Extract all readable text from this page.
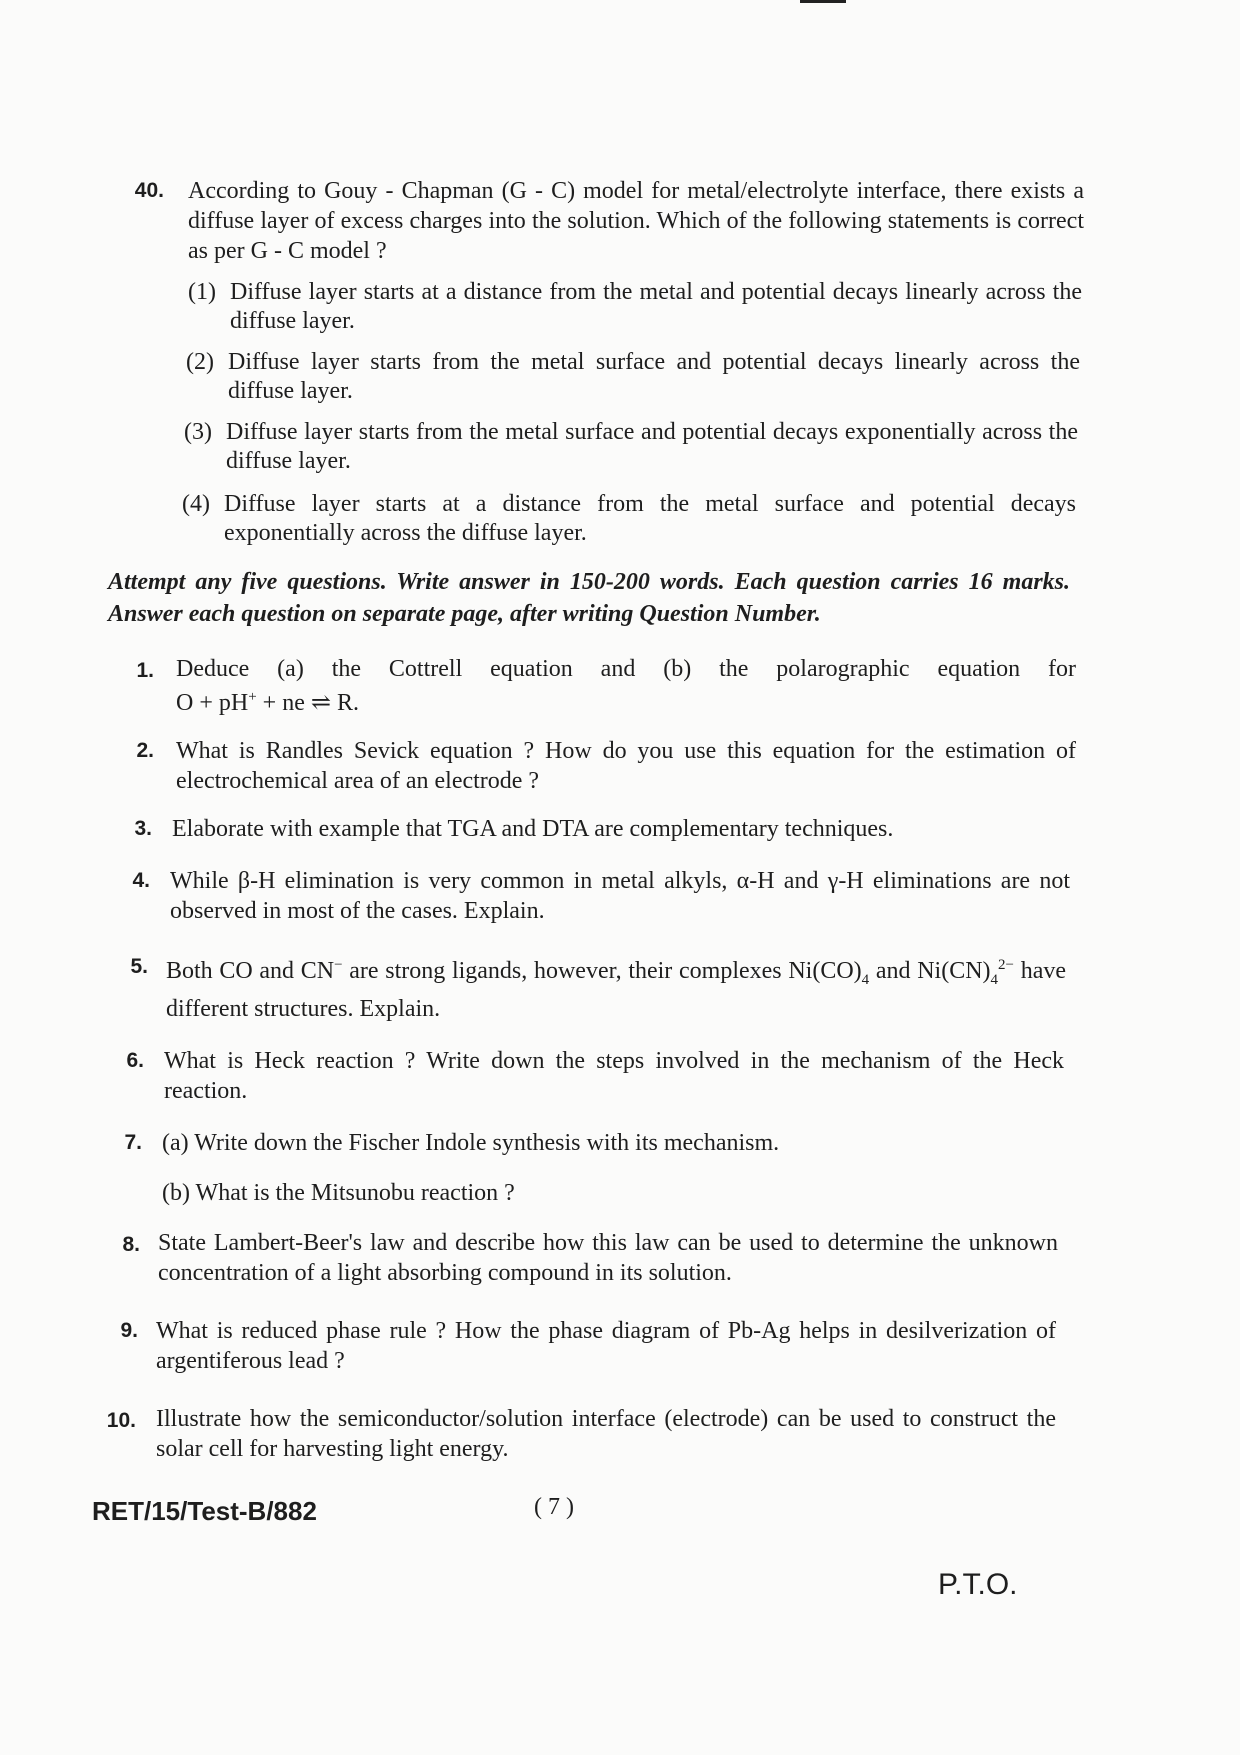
40. According to Gouy - Chapman (G - C) model for metal/electrolyte interface, there exists a diffuse layer of excess charges into the solution. Which of the following statements is correct as per G - C model ?
(1) Diffuse layer starts at a distance from the metal and potential decays linearly across the diffuse layer.
(2) Diffuse layer starts from the metal surface and potential decays linearly across the diffuse layer.
(3) Diffuse layer starts from the metal surface and potential decays exponentially across the diffuse layer.
(4) Diffuse layer starts at a distance from the metal surface and potential decays exponentially across the diffuse layer.
Attempt any five questions. Write answer in 150-200 words. Each question carries 16 marks. Answer each question on separate page, after writing Question Number.
1. Deduce (a) the Cottrell equation and (b) the polarographic equation for
O + pH+ + ne ⇌ R.
2. What is Randles Sevick equation ? How do you use this equation for the estimation of electrochemical area of an electrode ?
3. Elaborate with example that TGA and DTA are complementary techniques.
4. While β-H elimination is very common in metal alkyls, α-H and γ-H eliminations are not observed in most of the cases. Explain.
5. Both CO and CN− are strong ligands, however, their complexes $Ni(CO)_4$ and $Ni(CN)_4^{2-}$ have different structures. Explain.
6. What is Heck reaction ? Write down the steps involved in the mechanism of the Heck reaction.
7. (a) Write down the Fischer Indole synthesis with its mechanism.
(b) What is the Mitsunobu reaction ?
8. State Lambert-Beer's law and describe how this law can be used to determine the unknown concentration of a light absorbing compound in its solution.
9. What is reduced phase rule ? How the phase diagram of Pb-Ag helps in desilverization of argentiferous lead ?
10. Illustrate how the semiconductor/solution interface (electrode) can be used to construct the solar cell for harvesting light energy.
RET/15/Test-B/882	( 7 )
P.T.O.
